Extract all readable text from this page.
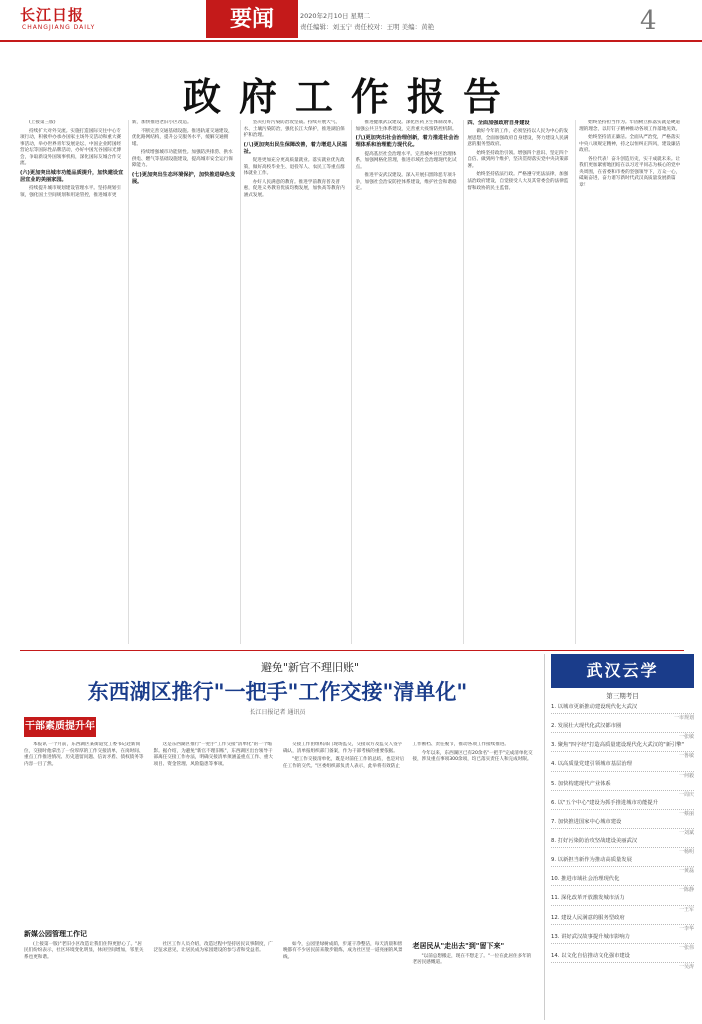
长江日报
CHANGJIANG DAILY	要闻	2020年2月10日 星期二
责任编辑：刘玉宁 责任校对：王明 美编：黄艳	4
政府工作报告

(上接第三版)

持续扩大对外交流。实施打造国际交往中心专项行动，积极申办承办国家主场外交活动和重大赛事活动，举办世界青年发展论坛、中国企业跨国经营论坛等国际性品牌活动，办好中国光谷国际光博会，争取新设外国领事机构，深化国际友城合作交流。

(六)更加突出城市功能品质提升，加快建设宜居宜业的美丽家园。

持续提升城市规划建设管理水平。坚持规划引领，强化国土空间规划和用途管控，推进城市更新，加快推进老旧小区改造。

不断完善交通基础设施。推进轨道交通建设，优化路网结构，提升公交服务水平，缓解交通拥堵。

持续增强城市功能韧性。加强防洪排涝、供水供电、燃气等基础设施建设，提高城市安全运行保障能力。

(七)更加突出生态环境保护，加快推进绿色发展。

坚决打好污染防治攻坚战。持续开展大气、水、土壤污染防治，强化长江大保护，推进湖泊保护和治理。

(八)更加突出民生保障改善，着力增进人民福祉。

促进更加充分更高质量就业。落实就业优先政策，做好高校毕业生、退役军人、农民工等重点群体就业工作。

办好人民满意的教育。推进学前教育普及普惠，促进义务教育优质均衡发展，加快高等教育内涵式发展。

推进健康武汉建设。深化医药卫生体制改革，加强公共卫生体系建设，完善重大疫情防控机制。

(九)更加突出社会治理创新，着力推进社会治理体系和治理能力现代化。

提高基层社会治理水平。完善城乡社区治理体系，加强网格化管理，推进市域社会治理现代化试点。

推进平安武汉建设。深入开展扫黑除恶专项斗争，加强社会治安防控体系建设，维护社会和谐稳定。

四、全面加强政府自身建设

做好今年的工作，必须坚持以人民为中心的发展思想，全面加强政府自身建设，努力建设人民满意的服务型政府。

始终坚持政治引领。增强四个意识、坚定四个自信、做到两个维护，坚决贯彻落实党中央决策部署。

始终坚持依法行政。严格遵守宪法法律，加强法治政府建设，自觉接受人大及其常委会的法律监督和政协的民主监督。

始终坚持担当作为。牢固树立抓落实就是硬道理的理念，以钉钉子精神推动各项工作落地见效。

始终坚持清正廉洁。全面从严治党，严格落实中央八项规定精神，持之以恒纠正四风，建设廉洁政府。

各位代表！奋斗创造历史，实干成就未来。让我们更加紧密地团结在以习近平同志为核心的党中央周围，在省委和市委的坚强领导下，万众一心，砥砺奋进，奋力谱写新时代武汉高质量发展新篇章！

避免"新官不理旧账"
东西湖区推行"一把手"工作交接"清单化"
长江日报记者 通讯员
干部素质提升年

本报讯 一个月前，东西湖区某街道党工委书记赴新岗位，交接时他拿出了一份厚厚的工作交接清单，在岗时间、重点工作推进情况、历史遗留问题、信访矛盾、债权债务等内容一目了然。

这是东西湖区推行"一把手"工作交接"清单化"的一个缩影。据介绍，为避免"新官不理旧账"，东西湖区出台领导干部离任交接工作办法，明确交接清单须涵盖重点工作、重大项目、资金管理、风险隐患等事项。

交接工作由组织部门现场监交，交接双方及监交人签字确认，清单报组织部门备案，作为干部考核的重要依据。

"把工作交接清单化，既是对前任工作的总结，也是对后任工作的交代。"区委组织部负责人表示，此举将有效防止工作断档、责任脱节，推动各项工作接续推进。

今年以来，东西湖区已有20余名"一把手"完成清单化交接，涉及重点事项300余项，均已落实责任人和完成时限。

新媒公园管理工作记

(上接第一版)"老旧小区改造让我们住得更舒心了。"居民们纷纷表示，社区环境变化明显，休闲空间增加，邻里关系也更和谐。

社区工作人员介绍，改造过程中坚持居民议事制度，广泛征求意见，让居民成为家园建设的参与者和受益者。

如今，公园里绿树成荫，步道干净整洁，每天清晨和傍晚都有不少居民前来散步锻炼，成为社区里一道亮丽的风景线。

老居民从"走出去"到"留下来"

"以前总想搬走，现在不想走了。"一位在此居住多年的老居民感慨道。

武汉云学
第三期考目

1. 以城市更新推动建设现代化大武汉

一市规划

2. 发展壮大现代化武汉都市圈

一张敏

3. 聚焦"四字经"打造高质量建设现代化大武汉的"新引擎"

一鲁敏

4. 以高质量党建引领城市基层治理

一何毅

5. 加快构建现代产业体系

一周庆

6. 以"五个中心"建设为抓手推进城市功能提升

一蔡丽

7. 加快推进国家中心城市建设

一刘斌

8. 打好污染防治攻坚战建设美丽武汉

一杨明

9. 以新担当新作为推动高质量发展

一黄磊

10. 推进市域社会治理现代化

一陈静

11. 深化改革开放激发城市活力

一王军

12. 建设人民满意的服务型政府

一李华

13. 讲好武汉故事提升城市影响力

一张伟

14. 以文化自信推动文化强市建设

一吴涛
